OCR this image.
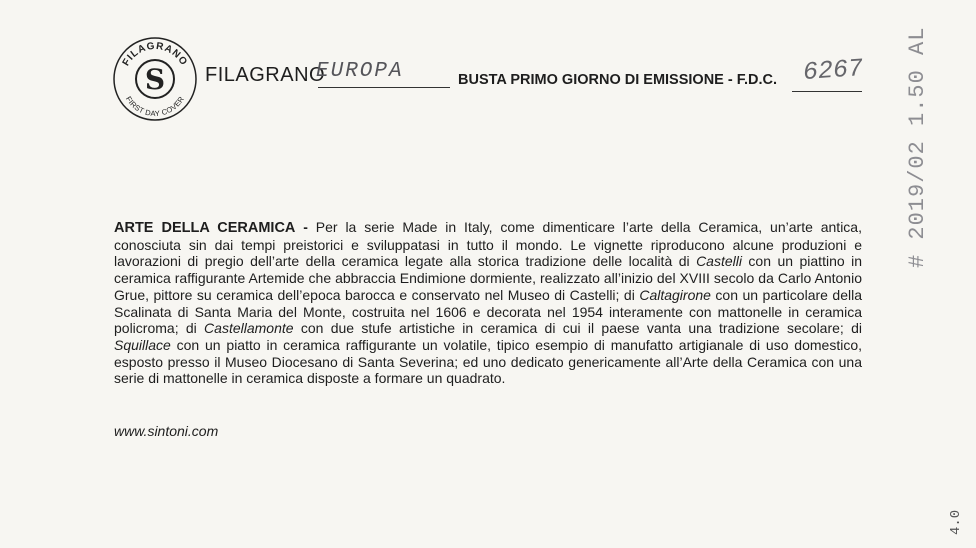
FILAGRANO
FIRST DAY COVER
S FILAGRANO
EUROPA	BUSTA PRIMO GIORNO DI EMISSIONE - F.D.C. 6267
ARTE DELLA CERAMICA - Per la serie Made in Italy, come dimenticare l’arte della Ceramica, un’arte antica, conosciuta sin dai tempi preistorici e sviluppatasi in tutto il mondo. Le vignette riproducono alcune produzioni e lavorazioni di pregio dell’arte della ceramica legate alla storica tradizione delle località di Castelli con un piattino in ceramica raffigurante Artemide che abbraccia Endimione dormiente, realizzato all’inizio del XVIII secolo da Carlo Antonio Grue, pittore su ceramica dell’epoca barocca e conservato nel Museo di Castelli; di Caltagirone con un particolare della Scalinata di Santa Maria del Monte, costruita nel 1606 e decorata nel 1954 interamente con mattonelle in ceramica policroma; di Castellamonte con due stufe artistiche in ceramica di cui il paese vanta una tradizione secolare; di Squillace con un piatto in ceramica raffigurante un volatile, tipico esempio di manufatto artigianale di uso domestico, esposto presso il Museo Diocesano di Santa Severina; ed uno dedicato genericamente all’Arte della Ceramica con una serie di mattonelle in ceramica disposte a formare un quadrato.
www.sintoni.com
# 2019/02 1.50 AL
4.0
